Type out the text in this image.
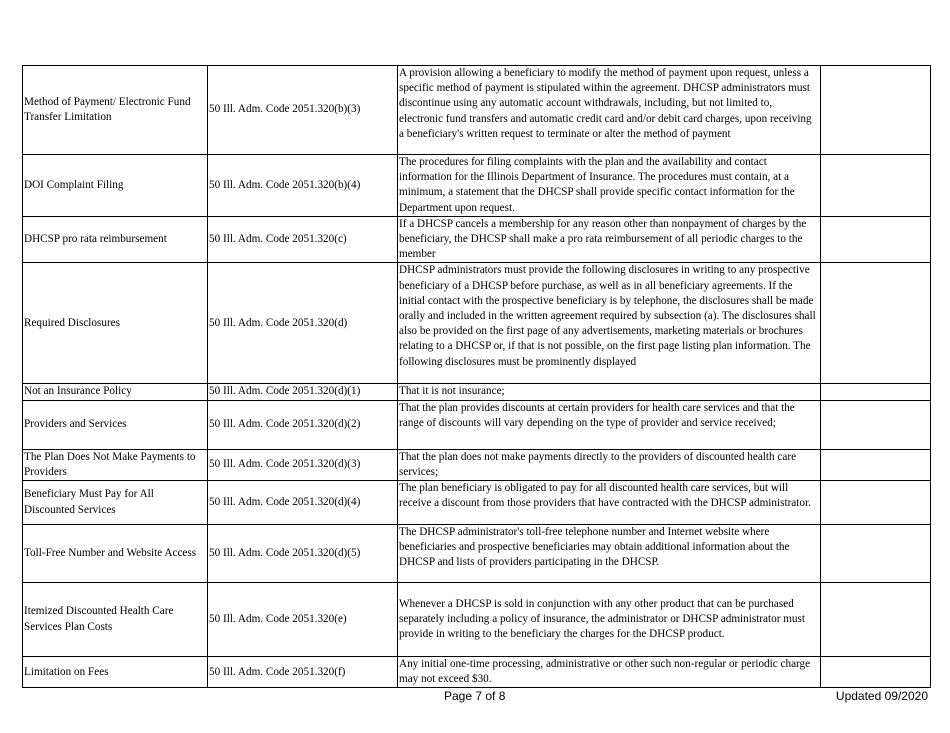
Method of Payment/ Electronic Fund Transfer Limitation	50 Ill. Adm. Code 2051.320(b)(3)	A provision allowing a beneficiary to modify the method of payment upon request, unless a specific method of payment is stipulated within the agreement. DHCSP administrators must discontinue using any automatic account withdrawals, including, but not limited to, electronic fund transfers and automatic credit card and/or debit card charges, upon receiving a beneficiary's written request to terminate or alter the method of payment	
DOI Complaint Filing	50 Ill. Adm. Code 2051.320(b)(4)	The procedures for filing complaints with the plan and the availability and contact information for the Illinois Department of Insurance. The procedures must contain, at a minimum, a statement that the DHCSP shall provide specific contact information for the Department upon request.	
DHCSP pro rata reimbursement	50 Ill. Adm. Code 2051.320(c)	If a DHCSP cancels a membership for any reason other than nonpayment of charges by the beneficiary, the DHCSP shall make a pro rata reimbursement of all periodic charges to the member	
Required Disclosures	50 Ill. Adm. Code 2051.320(d)	DHCSP administrators must provide the following disclosures in writing to any prospective beneficiary of a DHCSP before purchase, as well as in all beneficiary agreements. If the initial contact with the prospective beneficiary is by telephone, the disclosures shall be made orally and included in the written agreement required by subsection (a). The disclosures shall also be provided on the first page of any advertisements, marketing materials or brochures relating to a DHCSP or, if that is not possible, on the first page listing plan information. The following disclosures must be prominently displayed	
Not an Insurance Policy	50 Ill. Adm. Code 2051.320(d)(1)	That it is not insurance;	
Providers and Services	50 Ill. Adm. Code 2051.320(d)(2)	That the plan provides discounts at certain providers for health care services and that the range of discounts will vary depending on the type of provider and service received;	
The Plan Does Not Make Payments to Providers	50 Ill. Adm. Code 2051.320(d)(3)	That the plan does not make payments directly to the providers of discounted health care services;	
Beneficiary Must Pay for All Discounted Services	50 Ill. Adm. Code 2051.320(d)(4)	The plan beneficiary is obligated to pay for all discounted health care services, but will receive a discount from those providers that have contracted with the DHCSP administrator.	
Toll-Free Number and Website Access	50 Ill. Adm. Code 2051.320(d)(5)	The DHCSP administrator's toll-free telephone number and Internet website where beneficiaries and prospective beneficiaries may obtain additional information about the DHCSP and lists of providers participating in the DHCSP.	
Itemized Discounted Health Care Services Plan Costs	50 Ill. Adm. Code 2051.320(e)	Whenever a DHCSP is sold in conjunction with any other product that can be purchased separately including a policy of insurance, the administrator or DHCSP administrator must provide in writing to the beneficiary the charges for the DHCSP product.	
Limitation on Fees	50 Ill. Adm. Code 2051.320(f)	Any initial one-time processing, administrative or other such non-regular or periodic charge may not exceed $30.	
Page 7 of 8	Updated 09/2020
